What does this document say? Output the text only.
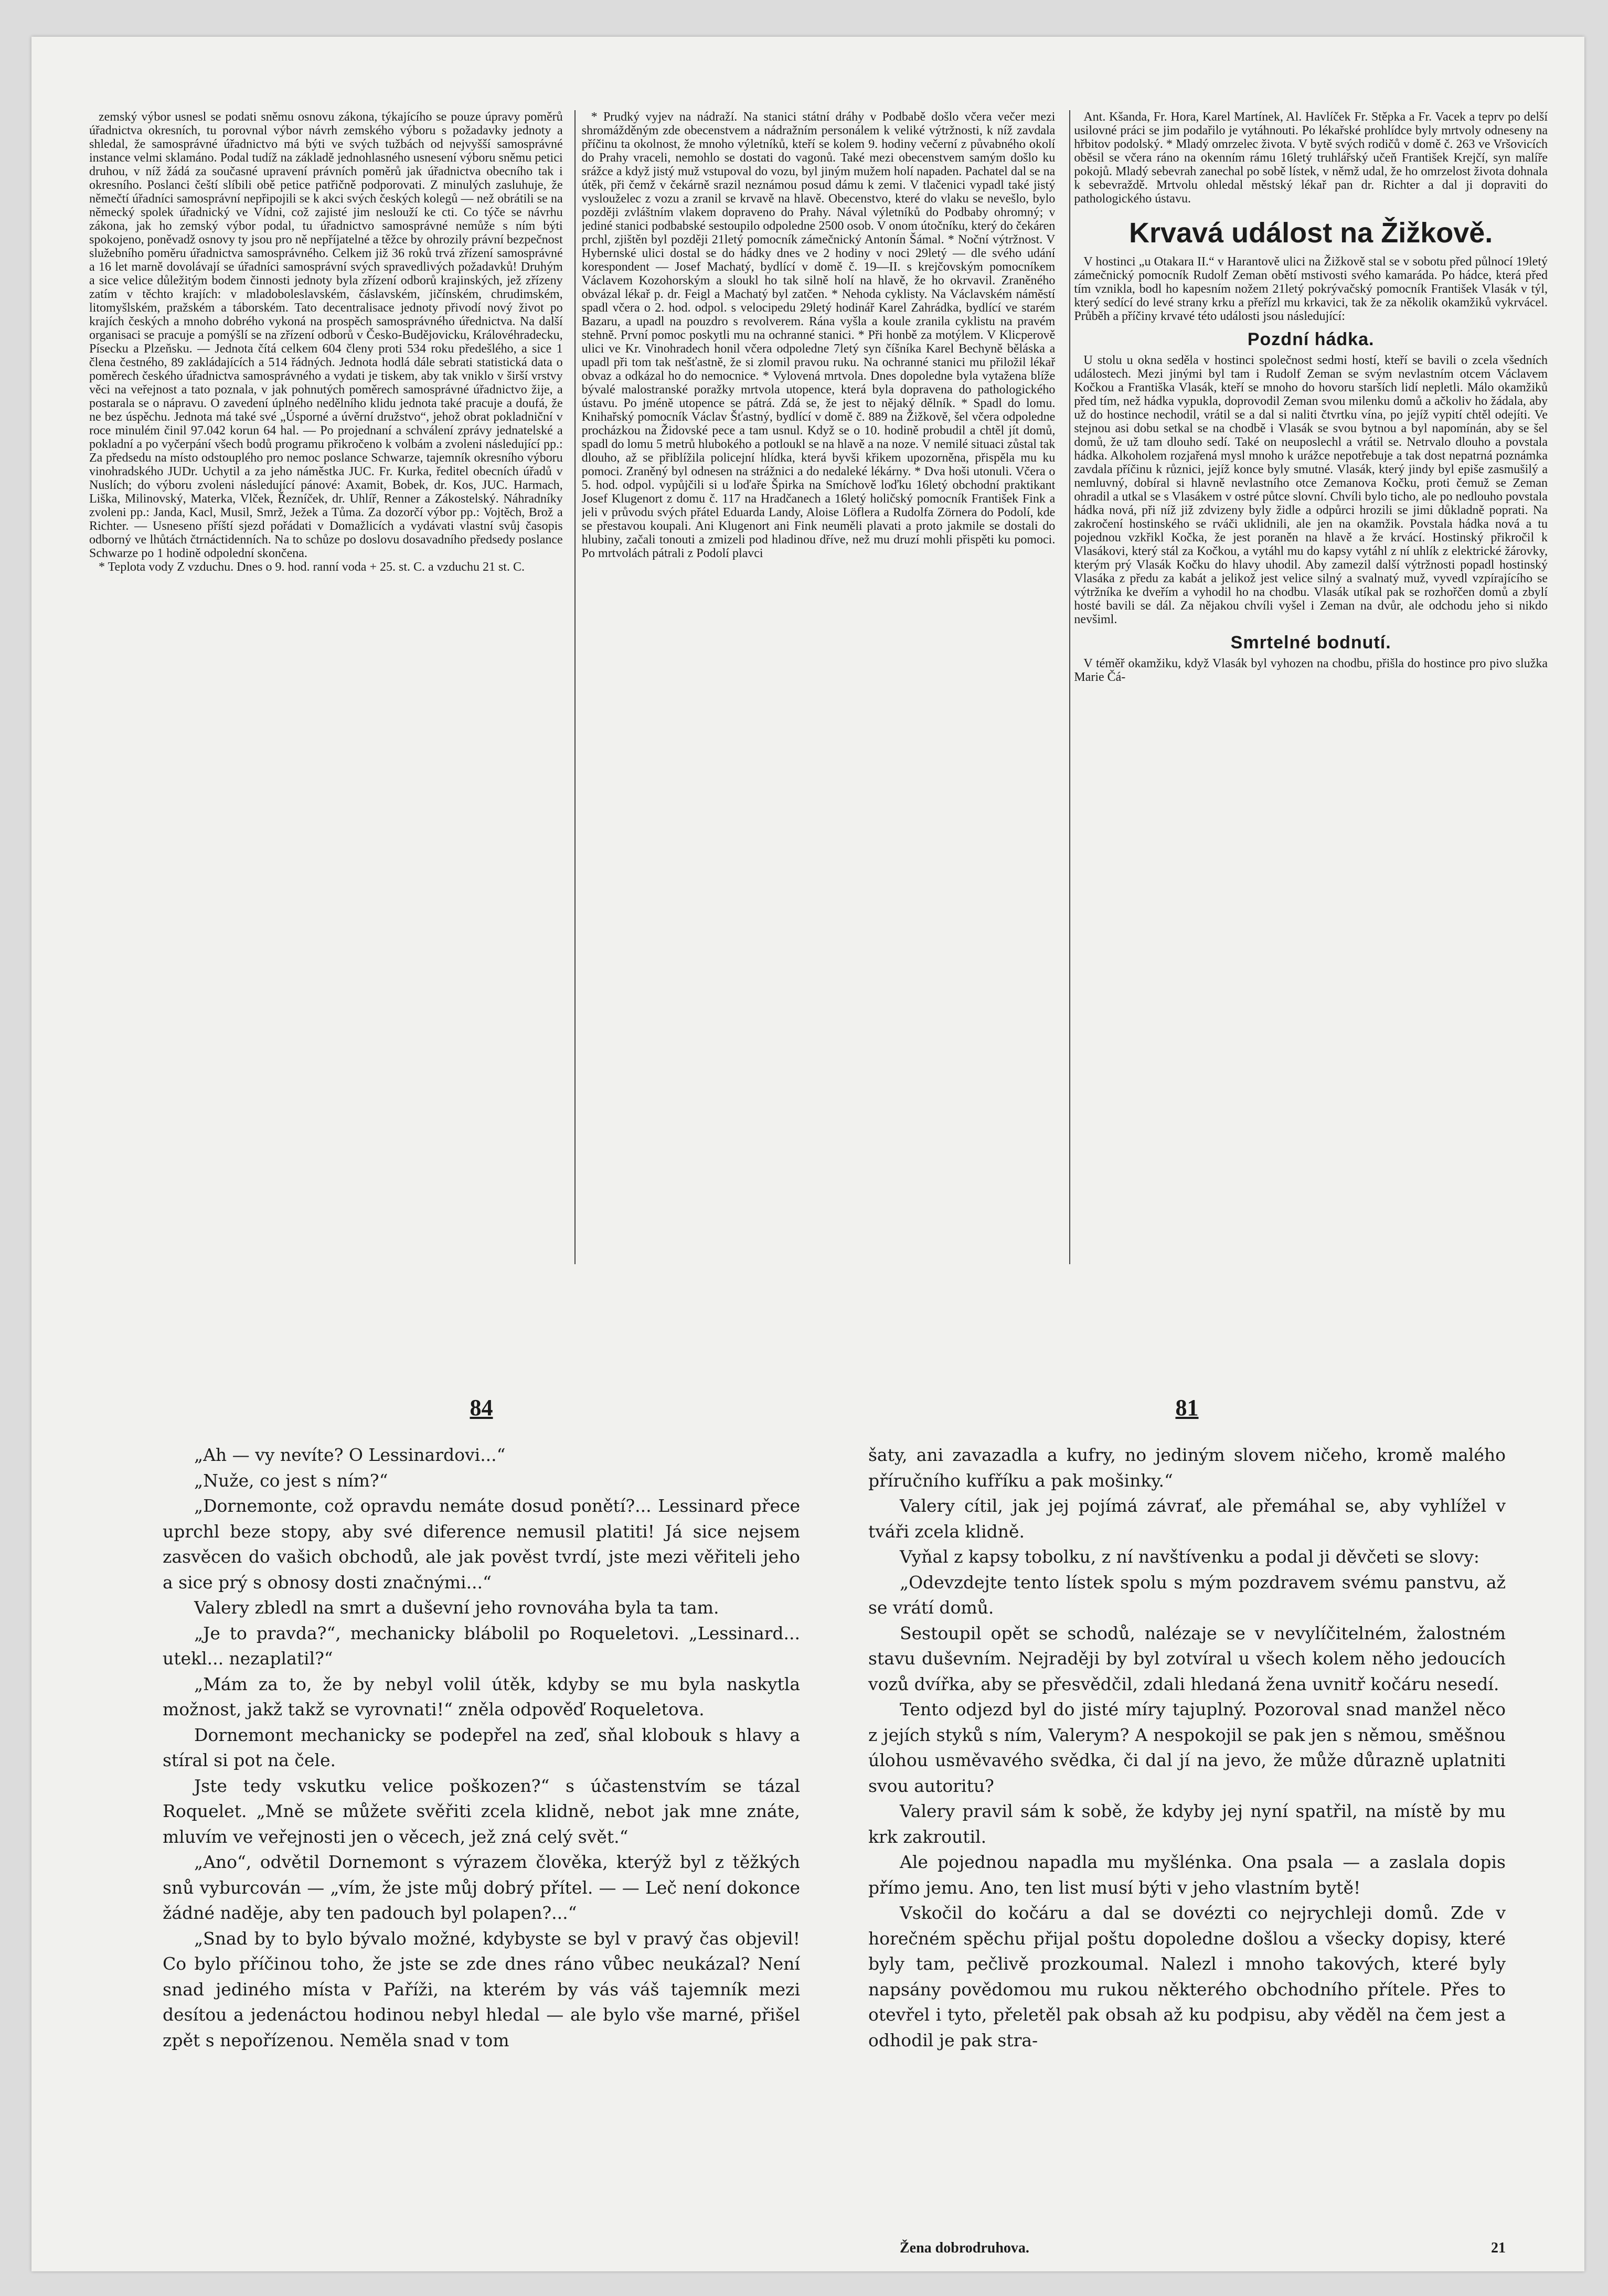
zemský výbor usnesl se podati sněmu osnovu zákona, týkajícího se pouze úpravy poměrů úřadnictva okresních, tu porovnal výbor návrh zemského výboru s požadavky jednoty a shledal, že samosprávné úřadnictvo má býti ve svých tužbách od nejvyšší samosprávné instance velmi sklamáno. Podal tudíž na základě jednohlasného usnesení výboru sněmu petici druhou, v níž žádá za současné upravení právních poměrů jak úřadnictva obecního tak i okresního. Poslanci čeští slíbili obě petice patřičně podporovati. Z minulých zasluhuje, že němečtí úřadníci samosprávní nepřipojili se k akci svých českých kolegů — než obrátili se na německý spolek úřadnický ve Vídni, což zajisté jim neslouží ke cti. Co týče se návrhu zákona, jak ho zemský výbor podal, tu úřadnictvo samosprávné nemůže s ním býti spokojeno, poněvadž osnovy ty jsou pro ně nepříjatelné a těžce by ohrozily právní bezpečnost služebního poměru úřadnictva samosprávného. Celkem již 36 roků trvá zřízení samosprávné a 16 let marně dovolávají se úřadníci samosprávní svých spravedlivých požadavků! Druhým a sice velice důležitým bodem činnosti jednoty byla zřízení odborů krajinských, jež zřízeny zatím v těchto krajích: v mladoboleslavském, čáslavském, jičínském, chrudimském, litomyšlském, pražském a táborském. Tato decentralisace jednoty přivodí nový život po krajích českých a mnoho dobrého vykoná na prospěch samosprávného úřednictva. Na další organisaci se pracuje a pomýšlí se na zřízení odborů v Česko-Budějovicku, Královéhradecku, Písecku a Plzeňsku. — Jednota čítá celkem 604 členy proti 534 roku předešlého, a sice 1 člena čestného, 89 zakládajících a 514 řádných. Jednota hodlá dále sebrati statistická data o poměrech českého úřadnictva samosprávného a vydati je tiskem, aby tak vniklo v širší vrstvy věci na veřejnost a tato poznala, v jak pohnutých poměrech samosprávné úřadnictvo žije, a postarala se o nápravu. O zavedení úplného nedělního klidu jednota také pracuje a doufá, že ne bez úspěchu. Jednota má také své „Úsporné a úvěrní družstvo“, jehož obrat pokladniční v roce minulém činil 97.042 korun 64 hal. — Po projednaní a schválení zprávy jednatelské a pokladní a po vyčerpání všech bodů programu přikročeno k volbám a zvoleni následující pp.: Za předsedu na místo odstouplého pro nemoc poslance Schwarze, tajemník okresního výboru vinohradského JUDr. Uchytil a za jeho náměstka JUC. Fr. Kurka, ředitel obecních úřadů v Nuslích; do výboru zvoleni následující pánové: Axamit, Bobek, dr. Kos, JUC. Harmach, Liška, Milinovský, Materka, Vlček, Řezníček, dr. Uhlíř, Renner a Zákostelský. Náhradníky zvoleni pp.: Janda, Kacl, Musil, Smrž, Ježek a Tůma. Za dozorčí výbor pp.: Vojtěch, Brož a Richter. — Usneseno příští sjezd pořádati v Domažlicích a vydávati vlastní svůj časopis odborný ve lhůtách čtrnáctidenních. Na to schůze po doslovu dosavadního předsedy poslance Schwarze po 1 hodině odpolední skončena.

* Teplota vody Z vzduchu. Dnes o 9. hod. ranní voda + 25. st. C. a vzduchu 21 st. C.

* Prudký vyjev na nádraží. Na stanici státní dráhy v Podbabě došlo včera večer mezi shromážděným zde obecenstvem a nádražním personálem k veliké výtržnosti, k níž zavdala příčinu ta okolnost, že mnoho výletníků, kteří se kolem 9. hodiny večerní z půvabného okolí do Prahy vraceli, nemohlo se dostati do vagonů. Také mezi obecenstvem samým došlo ku srážce a když jistý muž vstupoval do vozu, byl jiným mužem holí napaden. Pachatel dal se na útěk, při čemž v čekárně srazil neznámou posud dámu k zemi. V tlačenici vypadl také jistý vyslouželec z vozu a zranil se krvavě na hlavě. Obecenstvo, které do vlaku se nevešlo, bylo později zvláštním vlakem dopraveno do Prahy. Nával výletníků do Podbaby ohromný; v jediné stanici podbabské sestoupilo odpoledne 2500 osob. V onom útočníku, který do čekáren prchl, zjištěn byl později 21letý pomocník zámečnický Antonín Šámal. * Noční výtržnost. V Hybernské ulici dostal se do hádky dnes ve 2 hodiny v noci 29letý — dle svého udání korespondent — Josef Machatý, bydlící v domě č. 19—II. s krejčovským pomocníkem Václavem Kozohorským a sloukl ho tak silně holí na hlavě, že ho okrvavil. Zraněného obvázal lékař p. dr. Feigl a Machatý byl zatčen. * Nehoda cyklisty. Na Václavském náměstí spadl včera o 2. hod. odpol. s velocipedu 29letý hodinář Karel Zahrádka, bydlící ve starém Bazaru, a upadl na pouzdro s revolverem. Rána vyšla a koule zranila cyklistu na pravém stehně. První pomoc poskytli mu na ochranné stanici. * Při honbě za motýlem. V Klicperově ulici ve Kr. Vinohradech honil včera odpoledne 7letý syn číšníka Karel Bechyně běláska a upadl při tom tak nešťastně, že si zlomil pravou ruku. Na ochranné stanici mu přiložil lékař obvaz a odkázal ho do nemocnice. * Vylovená mrtvola. Dnes dopoledne byla vytažena blíže bývalé malostranské poražky mrtvola utopence, která byla dopravena do pathologického ústavu. Po jméně utopence se pátrá. Zdá se, že jest to nějaký dělník. * Spadl do lomu. Knihařský pomocník Václav Šťastný, bydlící v domě č. 889 na Žižkově, šel včera odpoledne procházkou na Židovské pece a tam usnul. Když se o 10. hodině probudil a chtěl jít domů, spadl do lomu 5 metrů hlubokého a potloukl se na hlavě a na noze. V nemilé situaci zůstal tak dlouho, až se přiblížila policejní hlídka, která byvši křikem upozorněna, přispěla mu ku pomoci. Zraněný byl odnesen na strážnici a do nedaleké lékárny. * Dva hoši utonuli. Včera o 5. hod. odpol. vypůjčili si u loďaře Špirka na Smíchově loďku 16letý obchodní praktikant Josef Klugenort z domu č. 117 na Hradčanech a 16letý holičský pomocník František Fink a jeli v průvodu svých přátel Eduarda Landy, Aloise Löflera a Rudolfa Zörnera do Podolí, kde se přestavou koupali. Ani Klugenort ani Fink neuměli plavati a proto jakmile se dostali do hlubiny, začali tonouti a zmizeli pod hladinou dříve, než mu druzí mohli přispěti ku pomoci. Po mrtvolách pátrali z Podolí plavci

Ant. Kšanda, Fr. Hora, Karel Martínek, Al. Havlíček Fr. Stěpka a Fr. Vacek a teprv po delší usilovné práci se jim podařilo je vytáhnouti. Po lékařské prohlídce byly mrtvoly odneseny na hřbitov podolský. * Mladý omrzelec života. V bytě svých rodičů v domě č. 263 ve Vršovicích oběsil se včera ráno na okenním rámu 16letý truhlářský učeň František Krejčí, syn malíře pokojů. Mladý sebevrah zanechal po sobě lístek, v němž udal, že ho omrzelost života dohnala k sebevraždě. Mrtvolu ohledal městský lékař pan dr. Richter a dal ji dopraviti do pathologického ústavu.

Krvavá událost na Žižkově.

V hostinci „u Otakara II.“ v Harantově ulici na Žižkově stal se v sobotu před půlnocí 19letý zámečnický pomocník Rudolf Zeman obětí mstivosti svého kamaráda. Po hádce, která před tím vznikla, bodl ho kapesním nožem 21letý pokrývačský pomocník František Vlasák v týl, který sedící do levé strany krku a přeřízl mu krkavici, tak že za několik okamžiků vykrvácel. Průběh a příčiny krvavé této události jsou následující:

Pozdní hádka.

U stolu u okna seděla v hostinci společnost sedmi hostí, kteří se bavili o zcela všedních událostech. Mezi jinými byl tam i Rudolf Zeman se svým nevlastním otcem Václavem Kočkou a Františka Vlasák, kteří se mnoho do hovoru starších lidí nepletli. Málo okamžiků před tím, než hádka vypukla, doprovodil Zeman svou milenku domů a ačkoliv ho žádala, aby už do hostince nechodil, vrátil se a dal si naliti čtvrtku vína, po jejíž vypití chtěl odejíti. Ve stejnou asi dobu setkal se na chodbě i Vlasák se svou bytnou a byl napomínán, aby se šel domů, že už tam dlouho sedí. Také on neuposlechl a vrátil se. Netrvalo dlouho a povstala hádka. Alkoholem rozjařená mysl mnoho k urážce nepotřebuje a tak dost nepatrná poznámka zavdala příčinu k různici, jejíž konce byly smutné. Vlasák, který jindy byl epiše zasmušilý a nemluvný, dobíral si hlavně nevlastního otce Zemanova Kočku, proti čemuž se Zeman ohradil a utkal se s Vlasákem v ostré půtce slovní. Chvíli bylo ticho, ale po nedlouho povstala hádka nová, při níž již zdvizeny byly židle a odpůrci hrozili se jimi důkladně poprati. Na zakročení hostinského se rváči uklidnili, ale jen na okamžik. Povstala hádka nová a tu pojednou vzkřikl Kočka, že jest poraněn na hlavě a že krvácí. Hostinský přikročil k Vlasákovi, který stál za Kočkou, a vytáhl mu do kapsy vytáhl z ní uhlík z elektrické žárovky, kterým prý Vlasák Kočku do hlavy uhodil. Aby zamezil další výtržnosti popadl hostinský Vlasáka z předu za kabát a jelikož jest velice silný a svalnatý muž, vyvedl vzpírajícího se výtržníka ke dveřím a vyhodil ho na chodbu. Vlasák utíkal pak se rozhořčen domů a zbylí hosté bavili se dál. Za nějakou chvíli vyšel i Zeman na dvůr, ale odchodu jeho si nikdo nevšiml.

Smrtelné bodnutí.

V téměř okamžiku, když Vlasák byl vyhozen na chodbu, přišla do hostince pro pivo služka Marie Čá-

84

„Ah — vy nevíte? O Lessinardovi...“

„Nuže, co jest s ním?“

„Dornemonte, což opravdu nemáte dosud ponětí?... Lessinard přece uprchl beze stopy, aby své diference nemusil platiti! Já sice nejsem zasvěcen do vašich obchodů, ale jak pověst tvrdí, jste mezi věřiteli jeho a sice prý s obnosy dosti značnými...“

Valery zbledl na smrt a duševní jeho rovnováha byla ta tam.

„Je to pravda?“, mechanicky blábolil po Roqueletovi. „Lessinard... utekl... nezaplatil?“

„Mám za to, že by nebyl volil útěk, kdyby se mu byla naskytla možnost, jakž takž se vyrovnati!“ zněla odpověď Roqueletova.

Dornemont mechanicky se podepřel na zeď, sňal klobouk s hlavy a stíral si pot na čele.

Jste tedy vskutku velice poškozen?“ s účastenstvím se tázal Roquelet. „Mně se můžete svěřiti zcela klidně, nebot jak mne znáte, mluvím ve veřejnosti jen o věcech, jež zná celý svět.“

„Ano“, odvětil Dornemont s výrazem člověka, kterýž byl z těžkých snů vyburcován — „vím, že jste můj dobrý přítel. — — Leč není dokonce žádné naděje, aby ten padouch byl polapen?...“

„Snad by to bylo bývalo možné, kdybyste se byl v pravý čas objevil! Co bylo příčinou toho, že jste se zde dnes ráno vůbec neukázal? Není snad jediného místa v Paříži, na kterém by vás váš tajemník mezi desítou a jedenáctou hodinou nebyl hledal — ale bylo vše marné, přišel zpět s nepořízenou. Neměla snad v tom

81

šaty, ani zavazadla a kufry, no jediným slovem ničeho, kromě malého příručního kufříku a pak mošinky.“

Valery cítil, jak jej pojímá závrať, ale přemáhal se, aby vyhlížel v tváři zcela klidně.

Vyňal z kapsy tobolku, z ní navštívenku a podal ji děvčeti se slovy:

„Odevzdejte tento lístek spolu s mým pozdravem svému panstvu, až se vrátí domů.

Sestoupil opět se schodů, nalézaje se v nevylíčitelném, žalostném stavu duševním. Nejraději by byl zotvíral u všech kolem něho jedoucích vozů dvířka, aby se přesvědčil, zdali hledaná žena uvnitř kočáru nesedí.

Tento odjezd byl do jisté míry tajuplný. Pozoroval snad manžel něco z jejích styků s ním, Valerym? A nespokojil se pak jen s němou, směšnou úlohou usměvavého svědka, či dal jí na jevo, že může důrazně uplatniti svou autoritu?

Valery pravil sám k sobě, že kdyby jej nyní spatřil, na místě by mu krk zakroutil.

Ale pojednou napadla mu myšlénka. Ona psala — a zaslala dopis přímo jemu. Ano, ten list musí býti v jeho vlastním bytě!

Vskočil do kočáru a dal se dovézti co nejrychleji domů. Zde v horečném spěchu přijal poštu dopoledne došlou a všecky dopisy, které byly tam, pečlivě prozkoumal. Nalezl i mnoho takových, které byly napsány povědomou mu rukou některého obchodního přítele. Přes to otevřel i tyto, přeletěl pak obsah až ku podpisu, aby věděl na čem jest a odhodil je pak stra-

Žena dobrodruhova.	21
